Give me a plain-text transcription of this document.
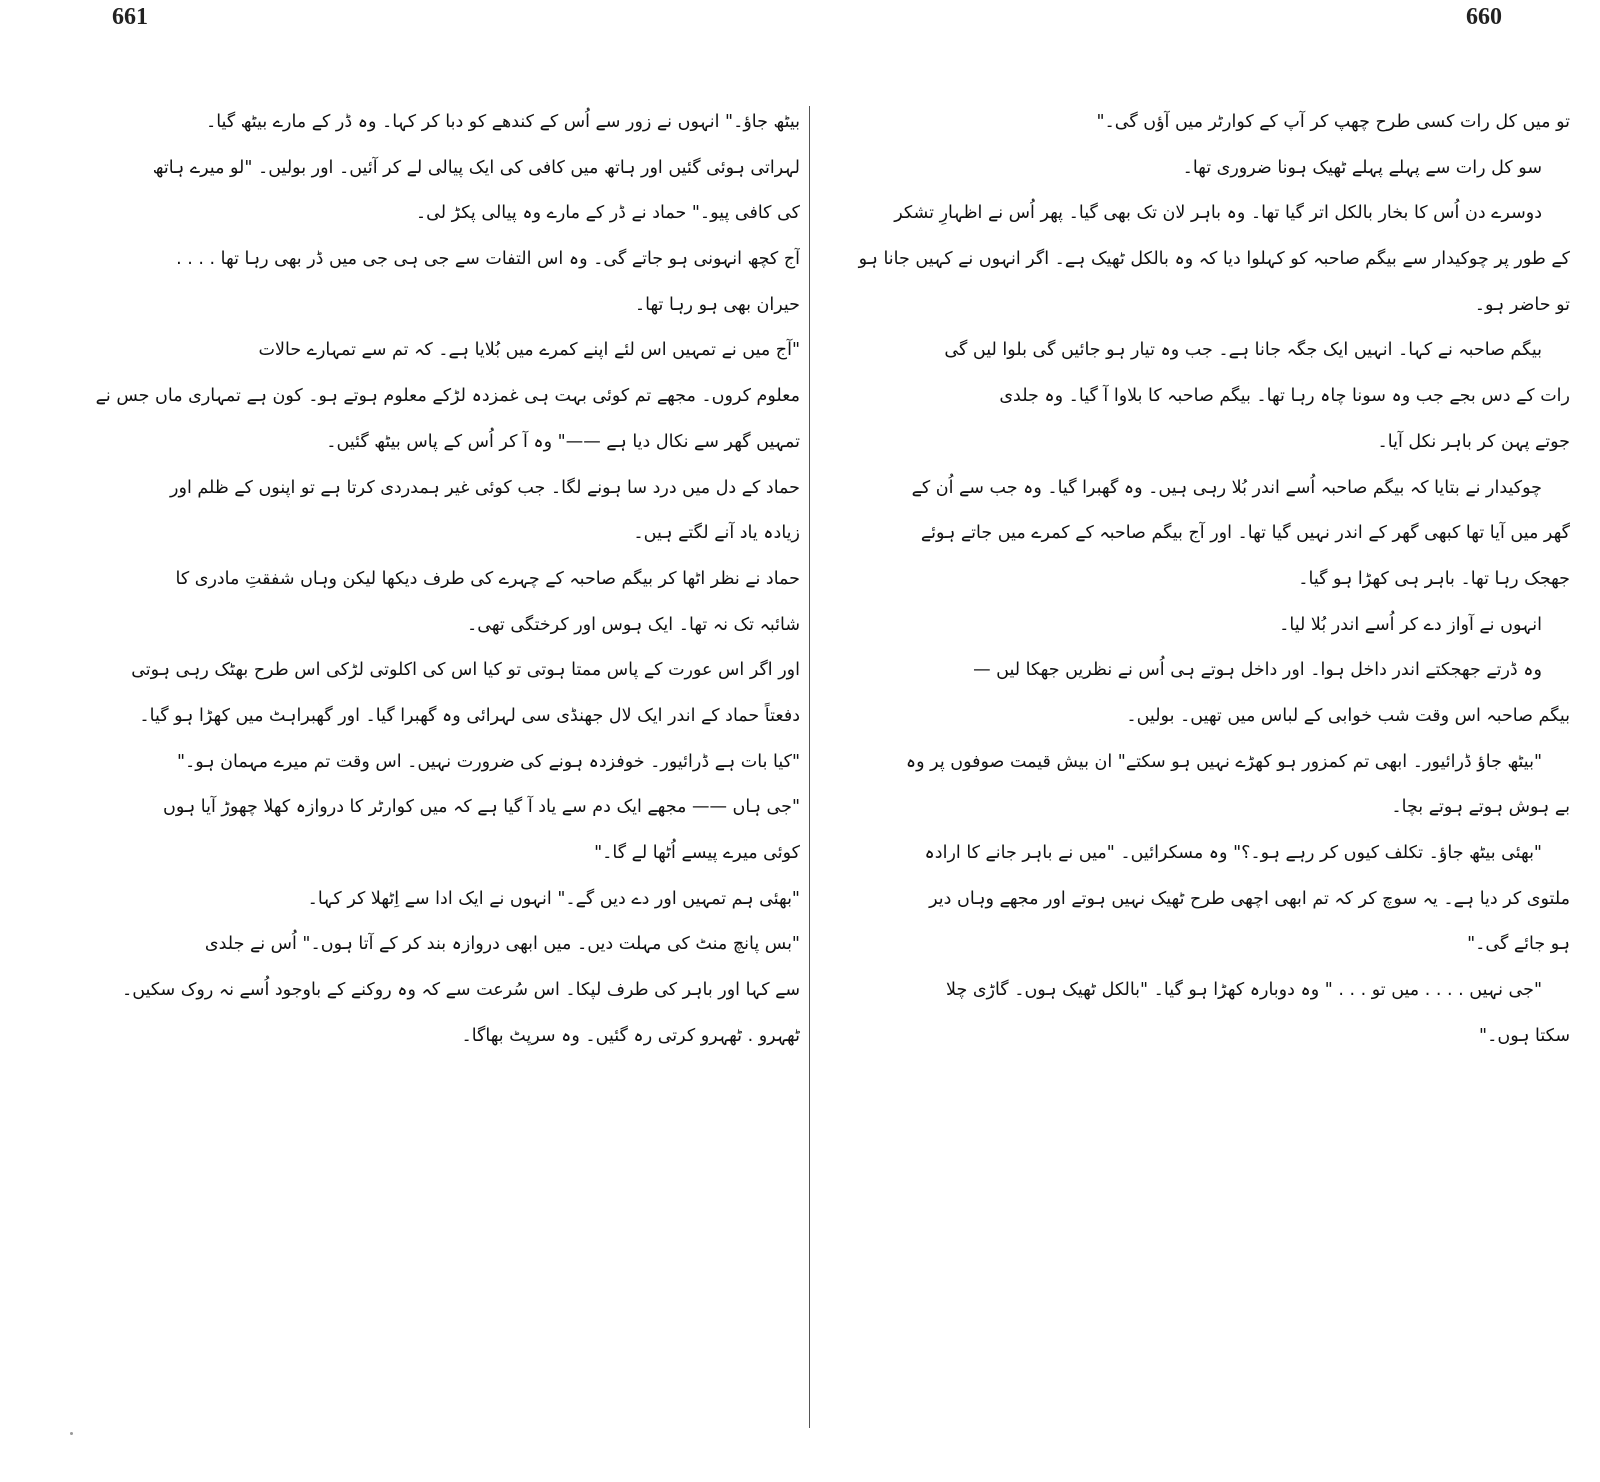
661	660
تو میں کل رات کسی طرح چھپ کر آپ کے کوارٹر میں آؤں گی۔"
سو کل رات سے پہلے پہلے ٹھیک ہونا ضروری تھا۔
دوسرے دن اُس کا بخار بالکل اتر گیا تھا۔ وہ باہر لان تک بھی گیا۔ پھر اُس نے اظہارِ تشکر
کے طور پر چوکیدار سے بیگم صاحبہ کو کہلوا دیا کہ وہ بالکل ٹھیک ہے۔ اگر انہوں نے کہیں جانا ہو
تو حاضر ہو۔
بیگم صاحبہ نے کہا۔ انہیں ایک جگہ جانا ہے۔ جب وہ تیار ہو جائیں گی بلوا لیں گی
رات کے دس بجے جب وہ سونا چاہ رہا تھا۔ بیگم صاحبہ کا بلاوا آ گیا۔ وہ جلدی
جوتے پہن کر باہر نکل آیا۔
چوکیدار نے بتایا کہ بیگم صاحبہ اُسے اندر بُلا رہی ہیں۔ وہ گھبرا گیا۔ وہ جب سے اُن کے
گھر میں آیا تھا کبھی گھر کے اندر نہیں گیا تھا۔ اور آج بیگم صاحبہ کے کمرے میں جاتے ہوئے
جھجک رہا تھا۔ باہر ہی کھڑا ہو گیا۔
انہوں نے آواز دے کر اُسے اندر بُلا لیا۔
وہ ڈرتے جھجکتے اندر داخل ہوا۔ اور داخل ہوتے ہی اُس نے نظریں جھکا لیں —
بیگم صاحبہ اس وقت شب خوابی کے لباس میں تھیں۔ بولیں۔
"بیٹھ جاؤ ڈرائیور۔ ابھی تم کمزور ہو کھڑے نہیں ہو سکتے" ان بیش قیمت صوفوں پر وہ
بے ہوش ہوتے ہوتے بچا۔
"بھئی بیٹھ جاؤ۔ تکلف کیوں کر رہے ہو۔؟" وہ مسکرائیں۔ "میں نے باہر جانے کا ارادہ
ملتوی کر دیا ہے۔ یہ سوچ کر کہ تم ابھی اچھی طرح ٹھیک نہیں ہوتے اور مجھے وہاں دیر
ہو جائے گی۔"
"جی نہیں . . . . میں تو . . . " وہ دوبارہ کھڑا ہو گیا۔ "بالکل ٹھیک ہوں۔ گاڑی چلا
سکتا ہوں۔"
بیٹھ جاؤ۔" انہوں نے زور سے اُس کے کندھے کو دبا کر کہا۔ وہ ڈر کے مارے بیٹھ گیا۔
لہراتی ہوئی گئیں اور ہاتھ میں کافی کی ایک پیالی لے کر آئیں۔ اور بولیں۔ "لو میرے ہاتھ
کی کافی پیو۔" حماد نے ڈر کے مارے وہ پیالی پکڑ لی۔
آج کچھ انہونی ہو جاتے گی۔ وہ اس التفات سے جی ہی جی میں ڈر بھی رہا تھا . . . .
حیران بھی ہو رہا تھا۔
"آج میں نے تمہیں اس لئے اپنے کمرے میں بُلایا ہے۔ کہ تم سے تمہارے حالات
معلوم کروں۔ مجھے تم کوئی بہت ہی غمزدہ لڑکے معلوم ہوتے ہو۔ کون ہے تمہاری ماں جس نے
تمہیں گھر سے نکال دیا ہے ——" وہ آ کر اُس کے پاس بیٹھ گئیں۔
حماد کے دل میں درد سا ہونے لگا۔ جب کوئی غیر ہمدردی کرتا ہے تو اپنوں کے ظلم اور
زیادہ یاد آنے لگتے ہیں۔
حماد نے نظر اٹھا کر بیگم صاحبہ کے چہرے کی طرف دیکھا لیکن وہاں شفقتِ مادری کا
شائبہ تک نہ تھا۔ ایک ہوس اور کرختگی تھی۔
اور اگر اس عورت کے پاس ممتا ہوتی تو کیا اس کی اکلوتی لڑکی اس طرح بھٹک رہی ہوتی
دفعتاً حماد کے اندر ایک لال جھنڈی سی لہرائی وہ گھبرا گیا۔ اور گھبراہٹ میں کھڑا ہو گیا۔
"کیا بات ہے ڈرائیور۔ خوفزدہ ہونے کی ضرورت نہیں۔ اس وقت تم میرے مہمان ہو۔"
"جی ہاں —— مجھے ایک دم سے یاد آ گیا ہے کہ میں کوارٹر کا دروازہ کھلا چھوڑ آیا ہوں
کوئی میرے پیسے اُٹھا لے گا۔"
"بھئی ہم تمہیں اور دے دیں گے۔" انہوں نے ایک ادا سے اِٹھلا کر کہا۔
"بس پانچ منٹ کی مہلت دیں۔ میں ابھی دروازہ بند کر کے آتا ہوں۔" اُس نے جلدی
سے کہا اور باہر کی طرف لپکا۔ اس سُرعت سے کہ وہ روکنے کے باوجود اُسے نہ روک سکیں۔
ٹھہرو . ٹھہرو کرتی رہ گئیں۔ وہ سرپٹ بھاگا۔
